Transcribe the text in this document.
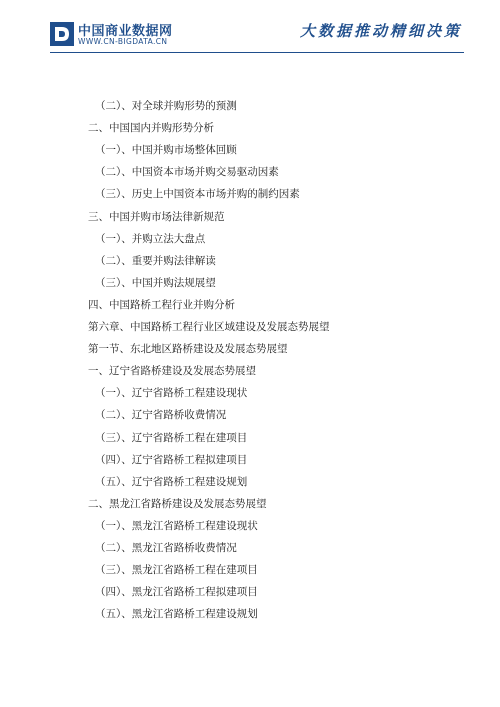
中国商业数据网
WWW.CN-BIGDATA.CN
大数据推动精细决策
（二）、对全球并购形势的预测
二、中国国内并购形势分析
（一）、中国并购市场整体回顾
（二）、中国资本市场并购交易驱动因素
（三）、历史上中国资本市场并购的制约因素
三、中国并购市场法律新规范
（一）、并购立法大盘点
（二）、重要并购法律解读
（三）、中国并购法规展望
四、中国路桥工程行业并购分析
第六章、中国路桥工程行业区域建设及发展态势展望
第一节、东北地区路桥建设及发展态势展望
一、辽宁省路桥建设及发展态势展望
（一）、辽宁省路桥工程建设现状
（二）、辽宁省路桥收费情况
（三）、辽宁省路桥工程在建项目
（四）、辽宁省路桥工程拟建项目
（五）、辽宁省路桥工程建设规划
二、黑龙江省路桥建设及发展态势展望
（一）、黑龙江省路桥工程建设现状
（二）、黑龙江省路桥收费情况
（三）、黑龙江省路桥工程在建项目
（四）、黑龙江省路桥工程拟建项目
（五）、黑龙江省路桥工程建设规划
